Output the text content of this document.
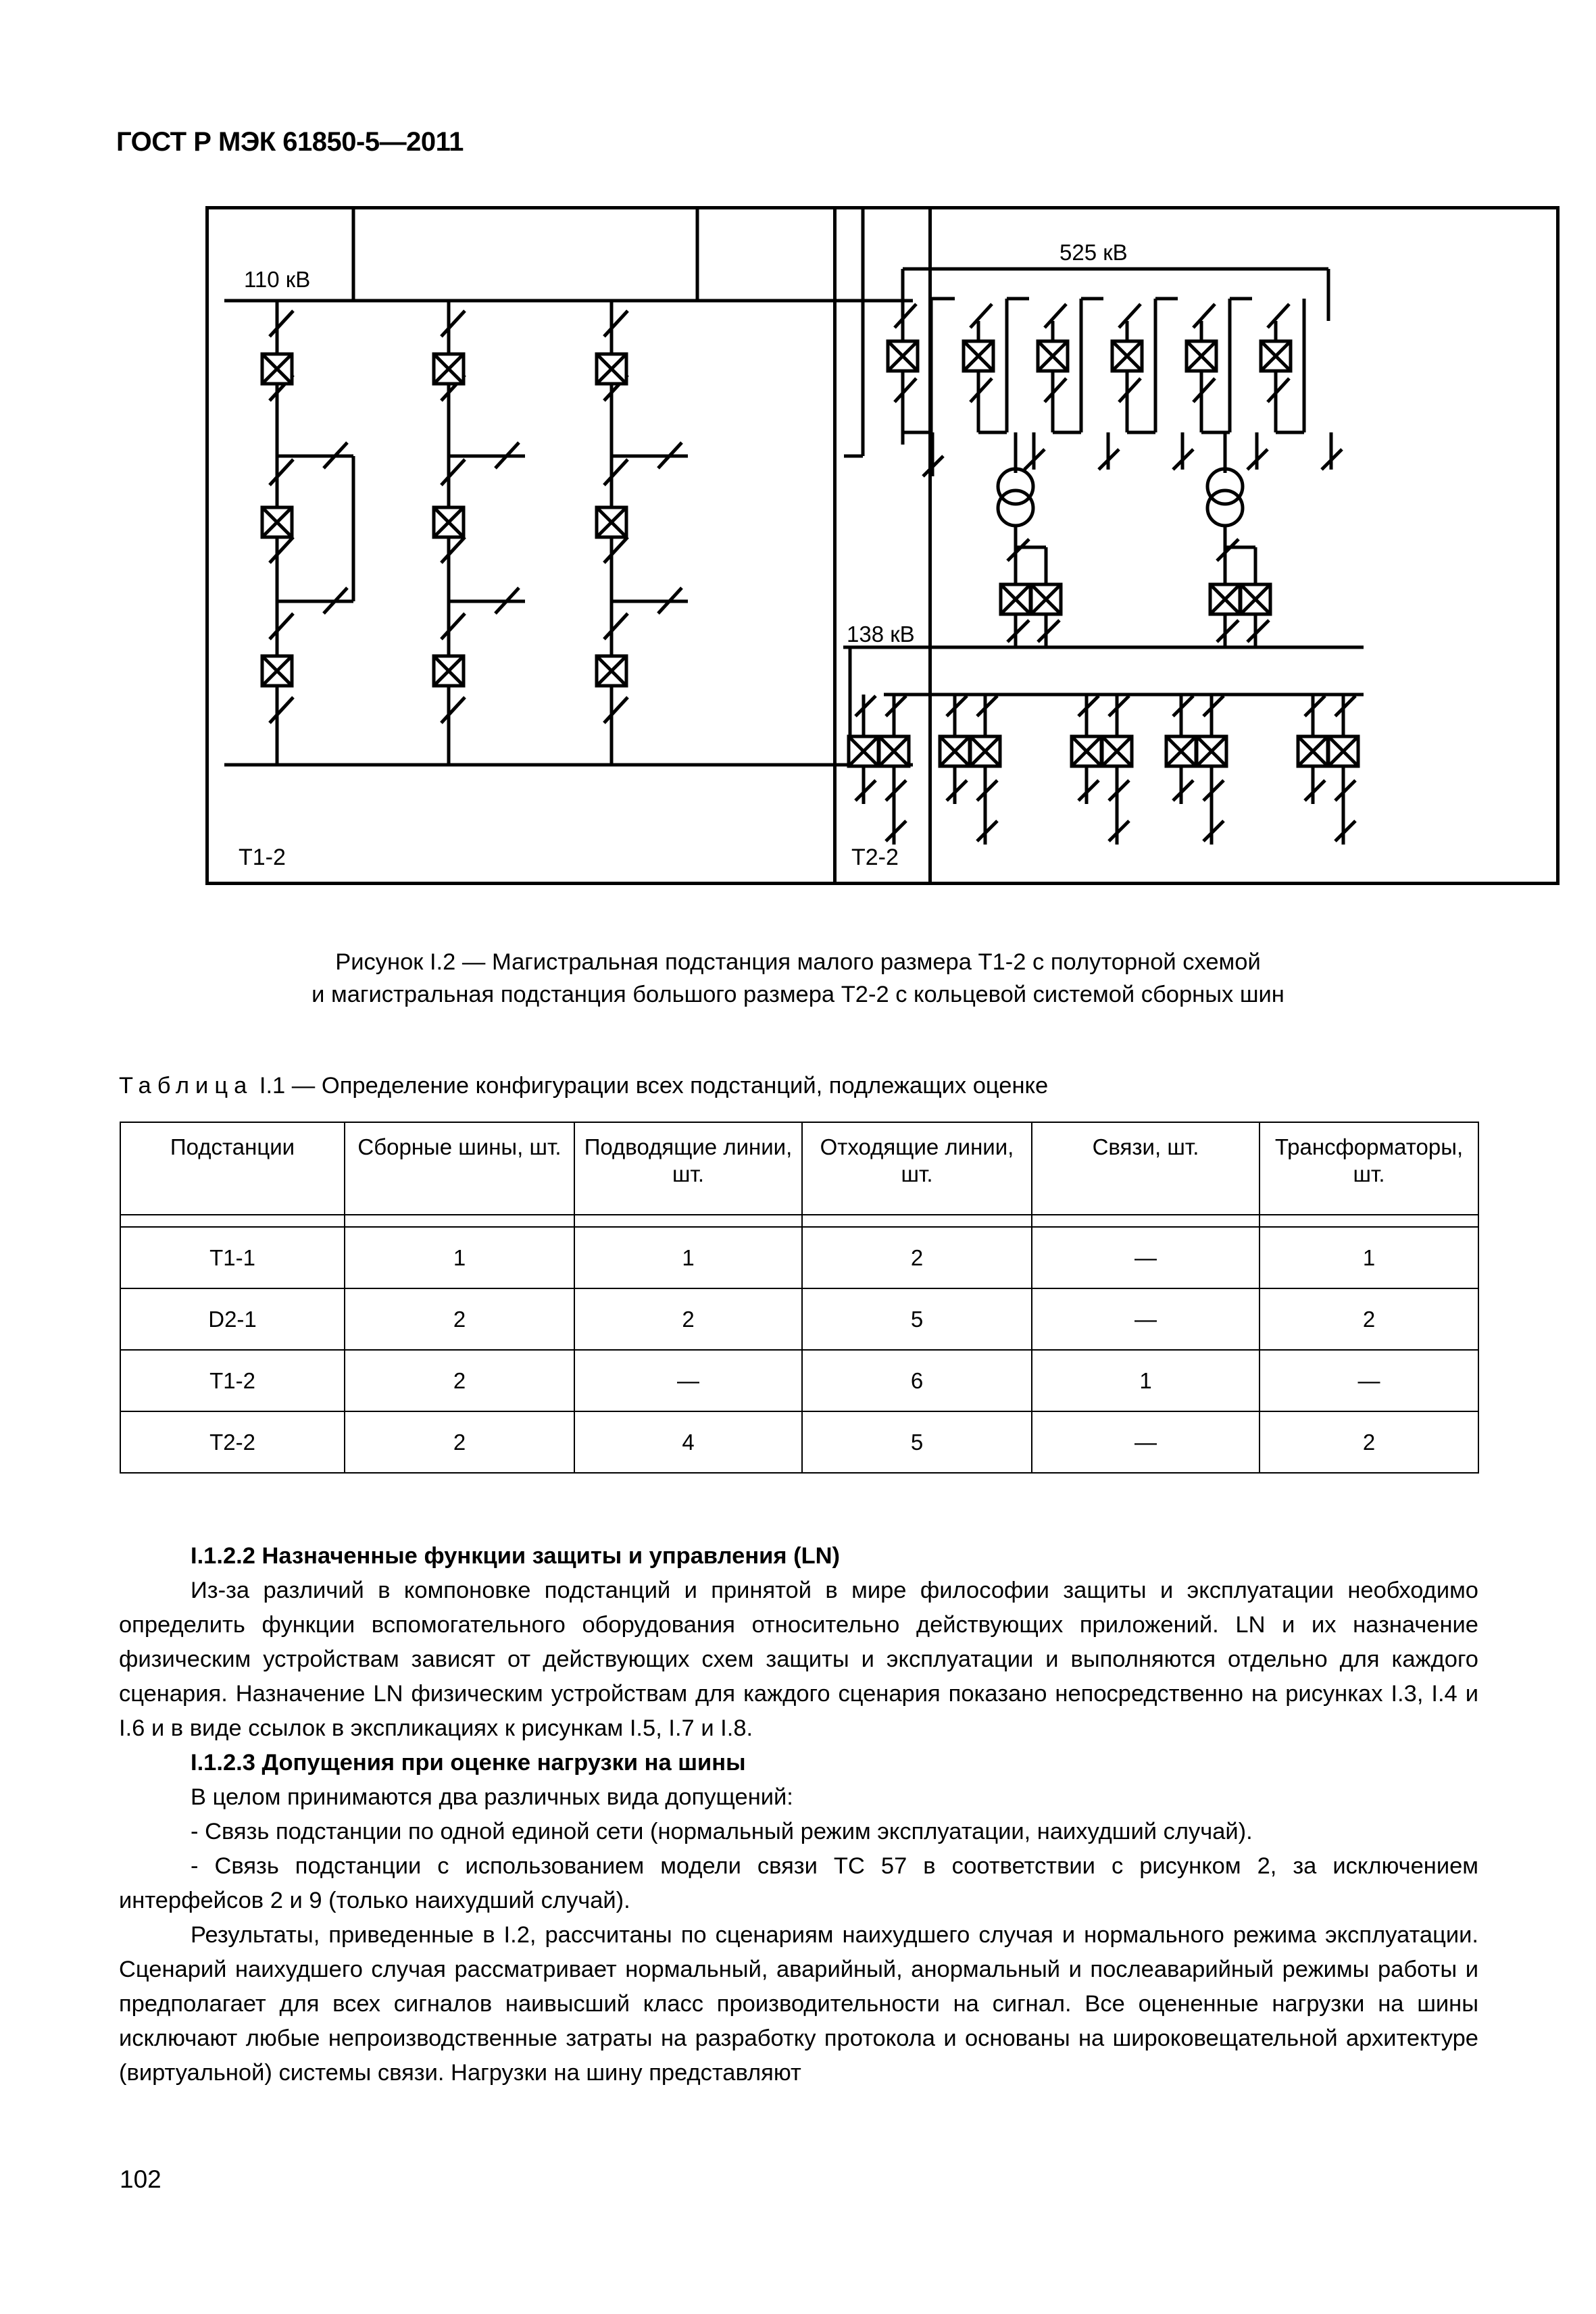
ГОСТ Р МЭК 61850-5—2011
110 кВ
Т1-2
525 кВ
138 кВ
Т2-2
Рисунок I.2 — Магистральная подстанция малого размера Т1-2 с полуторной схемой
и магистральная подстанция большого размера Т2-2 с кольцевой системой сборных шин
Таблица I.1 — Определение конфигурации всех подстанций, подлежащих оценке
Подстанции	Сборные шины, шт.	Подводящие линии, шт.	Отходящие линии, шт.	Связи, шт.	Трансформаторы, шт.

Т1-1	1	1	2	—	1
D2-1	2	2	5	—	2
Т1-2	2	—	6	1	—
Т2-2	2	4	5	—	2

I.1.2.2 Назначенные функции защиты и управления (LN)

Из-за различий в компоновке подстанций и принятой в мире философии защиты и эксплуатации необходимо определить функции вспомогательного оборудования относительно действующих приложений. LN и их назначение физическим устройствам зависят от действующих схем защиты и эксплуатации и выполняются отдельно для каждого сценария. Назначение LN физическим устройствам для каждого сценария показано непосредственно на рисунках I.3, I.4 и I.6 и в виде ссылок в экспликациях к рисункам I.5, I.7 и I.8.

I.1.2.3 Допущения при оценке нагрузки на шины

В целом принимаются два различных вида допущений:

- Связь подстанции по одной единой сети (нормальный режим эксплуатации, наихудший случай).

- Связь подстанции с использованием модели связи ТС 57 в соответствии с рисунком 2, за исключением интерфейсов 2 и 9 (только наихудший случай).

Результаты, приведенные в I.2, рассчитаны по сценариям наихудшего случая и нормального режима эксплуатации. Сценарий наихудшего случая рассматривает нормальный, аварийный, анормальный и послеаварийный режимы работы и предполагает для всех сигналов наивысший класс производительности на сигнал. Все оцененные нагрузки на шины исключают любые непроизводственные затраты на разработку протокола и основаны на широковещательной архитектуре (виртуальной) системы связи. Нагрузки на шину представляют

102
